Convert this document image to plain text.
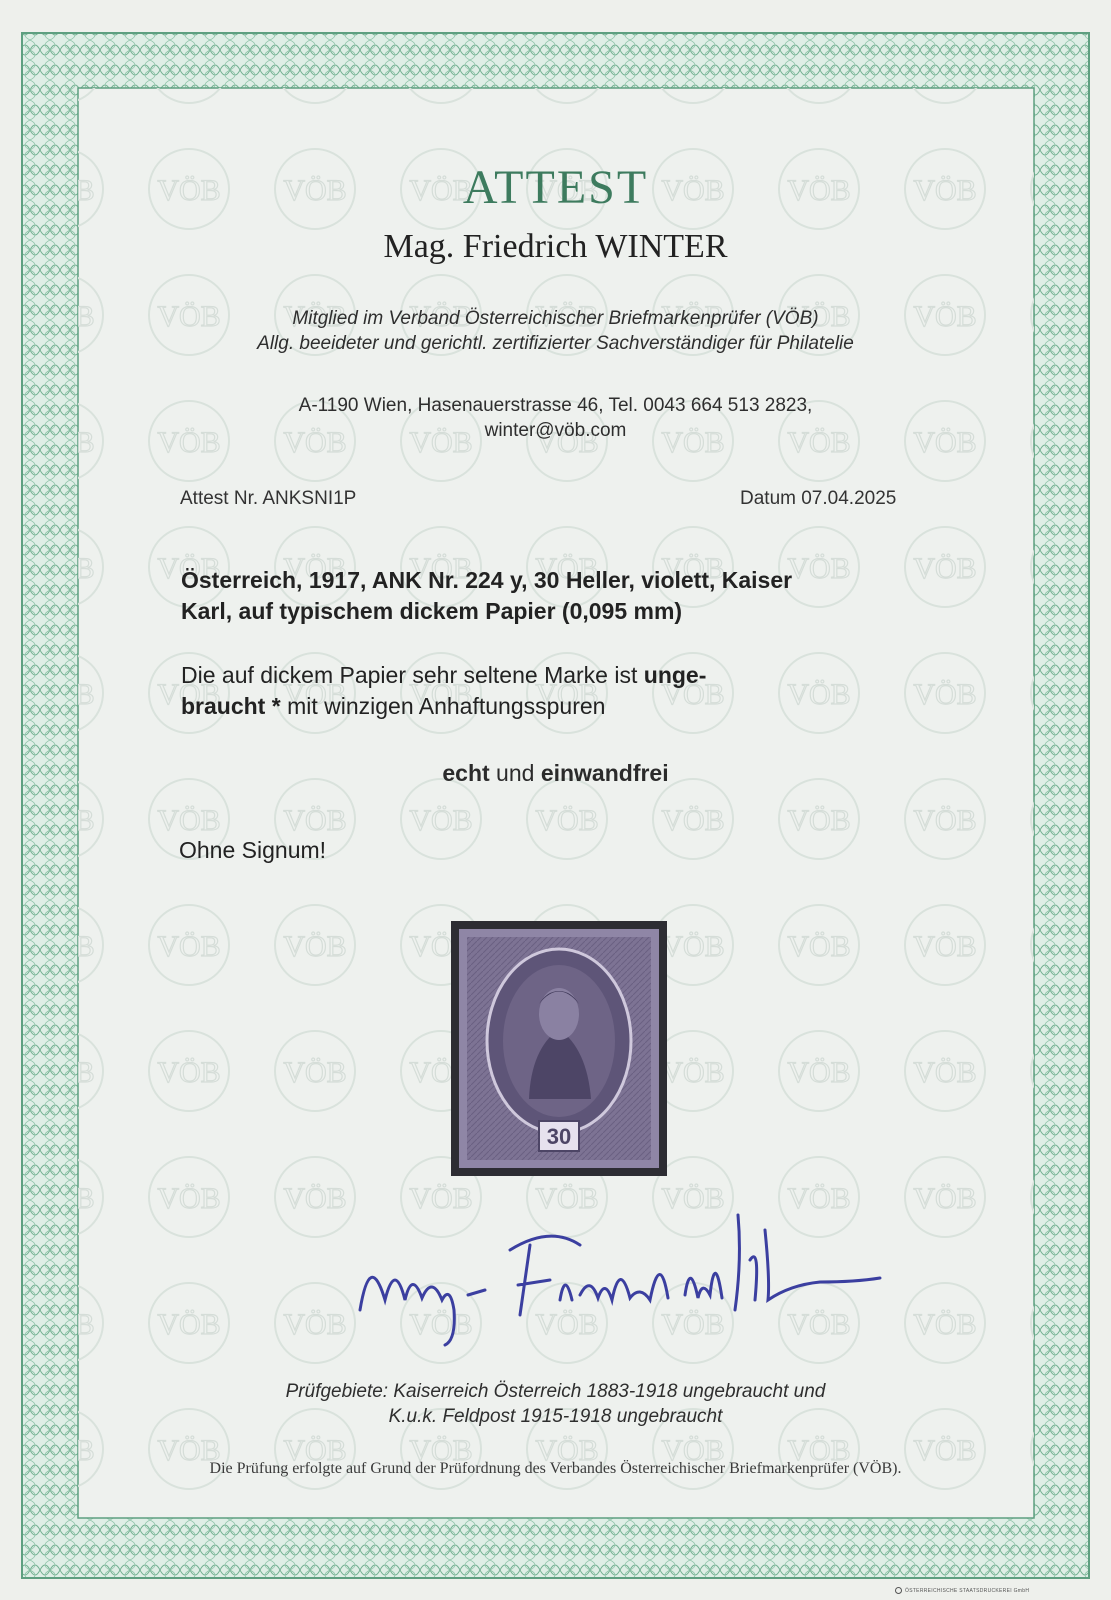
ATTEST
Mag. Friedrich WINTER
Mitglied im Verband Österreichischer Briefmarkenprüfer (VÖB)
Allg. beeideter und gerichtl. zertifizierter Sachverständiger für Philatelie
A-1190 Wien, Hasenauerstrasse 46, Tel. 0043 664 513 2823,
winter@vöb.com
Attest Nr. ANKSNI1P	Datum 07.04.2025
Österreich, 1917, ANK Nr. 224 y, 30 Heller, violett, Kaiser
Karl, auf typischem dickem Papier (0,095 mm)
Die auf dickem Papier sehr seltene Marke ist unge-
braucht * mit winzigen Anhaftungsspuren
echt und einwandfrei
Ohne Signum!
30
Prüfgebiete: Kaiserreich Österreich 1883-1918 ungebraucht und
K.u.k. Feldpost 1915-1918 ungebraucht
Die Prüfung erfolgte auf Grund der Prüfordnung des Verbandes Österreichischer Briefmarkenprüfer (VÖB).
ÖSTERREICHISCHE STAATSDRUCKEREI GmbH
